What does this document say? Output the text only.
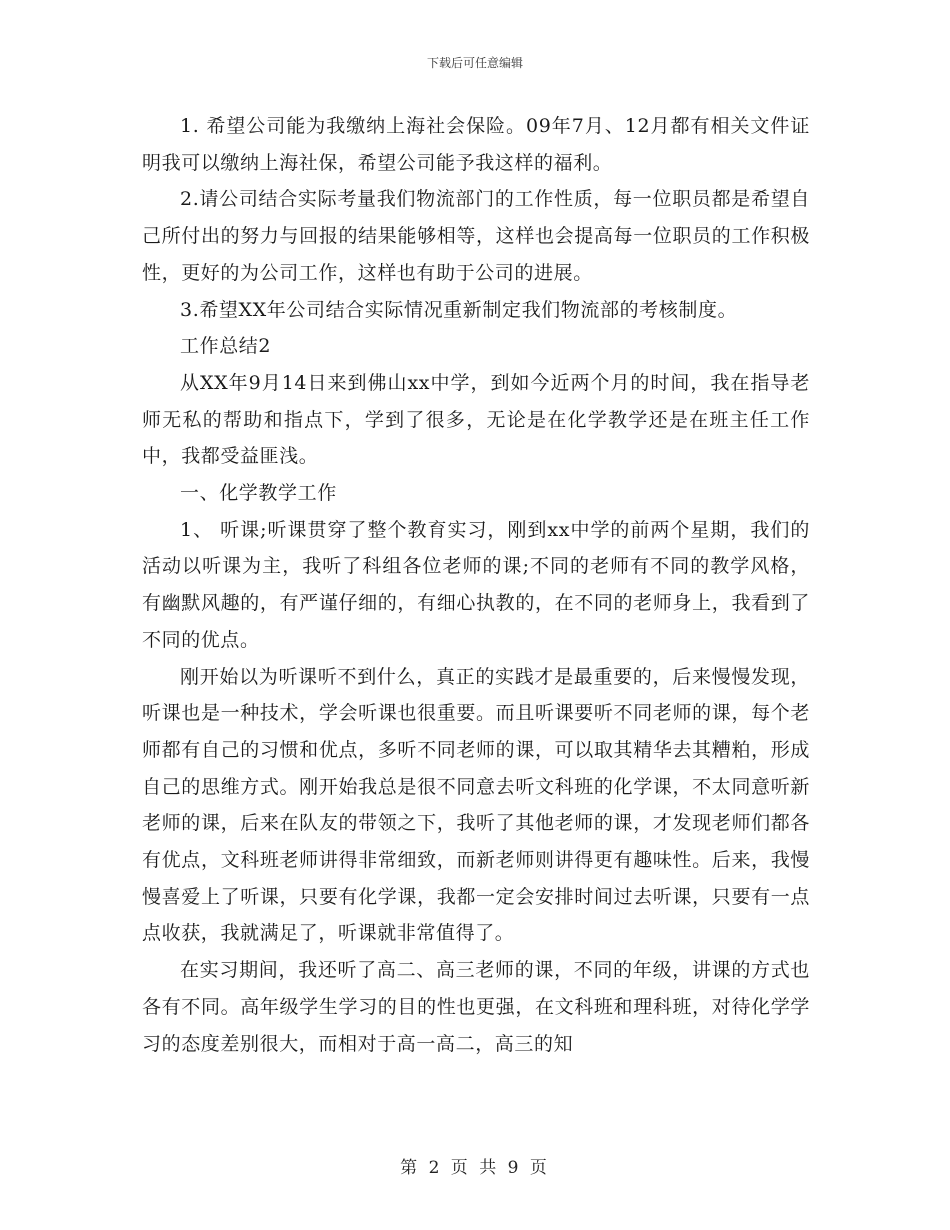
下载后可任意编辑

1. 希望公司能为我缴纳上海社会保险。09年7月、12月都有相关文件证明我可以缴纳上海社保，希望公司能予我这样的福利。

2.请公司结合实际考量我们物流部门的工作性质，每一位职员都是希望自己所付出的努力与回报的结果能够相等，这样也会提高每一位职员的工作积极性，更好的为公司工作，这样也有助于公司的进展。

3.希望XX年公司结合实际情况重新制定我们物流部的考核制度。

工作总结2

从XX年9月14日来到佛山xx中学，到如今近两个月的时间，我在指导老师无私的帮助和指点下，学到了很多，无论是在化学教学还是在班主任工作中，我都受益匪浅。

一、化学教学工作

1、 听课;听课贯穿了整个教育实习，刚到xx中学的前两个星期，我们的活动以听课为主，我听了科组各位老师的课;不同的老师有不同的教学风格，有幽默风趣的，有严谨仔细的，有细心执教的，在不同的老师身上，我看到了不同的优点。

刚开始以为听课听不到什么，真正的实践才是最重要的，后来慢慢发现，听课也是一种技术，学会听课也很重要。而且听课要听不同老师的课，每个老师都有自己的习惯和优点，多听不同老师的课，可以取其精华去其糟粕，形成自己的思维方式。刚开始我总是很不同意去听文科班的化学课，不太同意听新老师的课，后来在队友的带领之下，我听了其他老师的课，才发现老师们都各有优点，文科班老师讲得非常细致，而新老师则讲得更有趣味性。后来，我慢慢喜爱上了听课，只要有化学课，我都一定会安排时间过去听课，只要有一点点收获，我就满足了，听课就非常值得了。

在实习期间，我还听了高二、高三老师的课，不同的年级，讲课的方式也各有不同。高年级学生学习的目的性也更强，在文科班和理科班，对待化学学习的态度差别很大，而相对于高一高二，高三的知

第 2 页 共 9 页
